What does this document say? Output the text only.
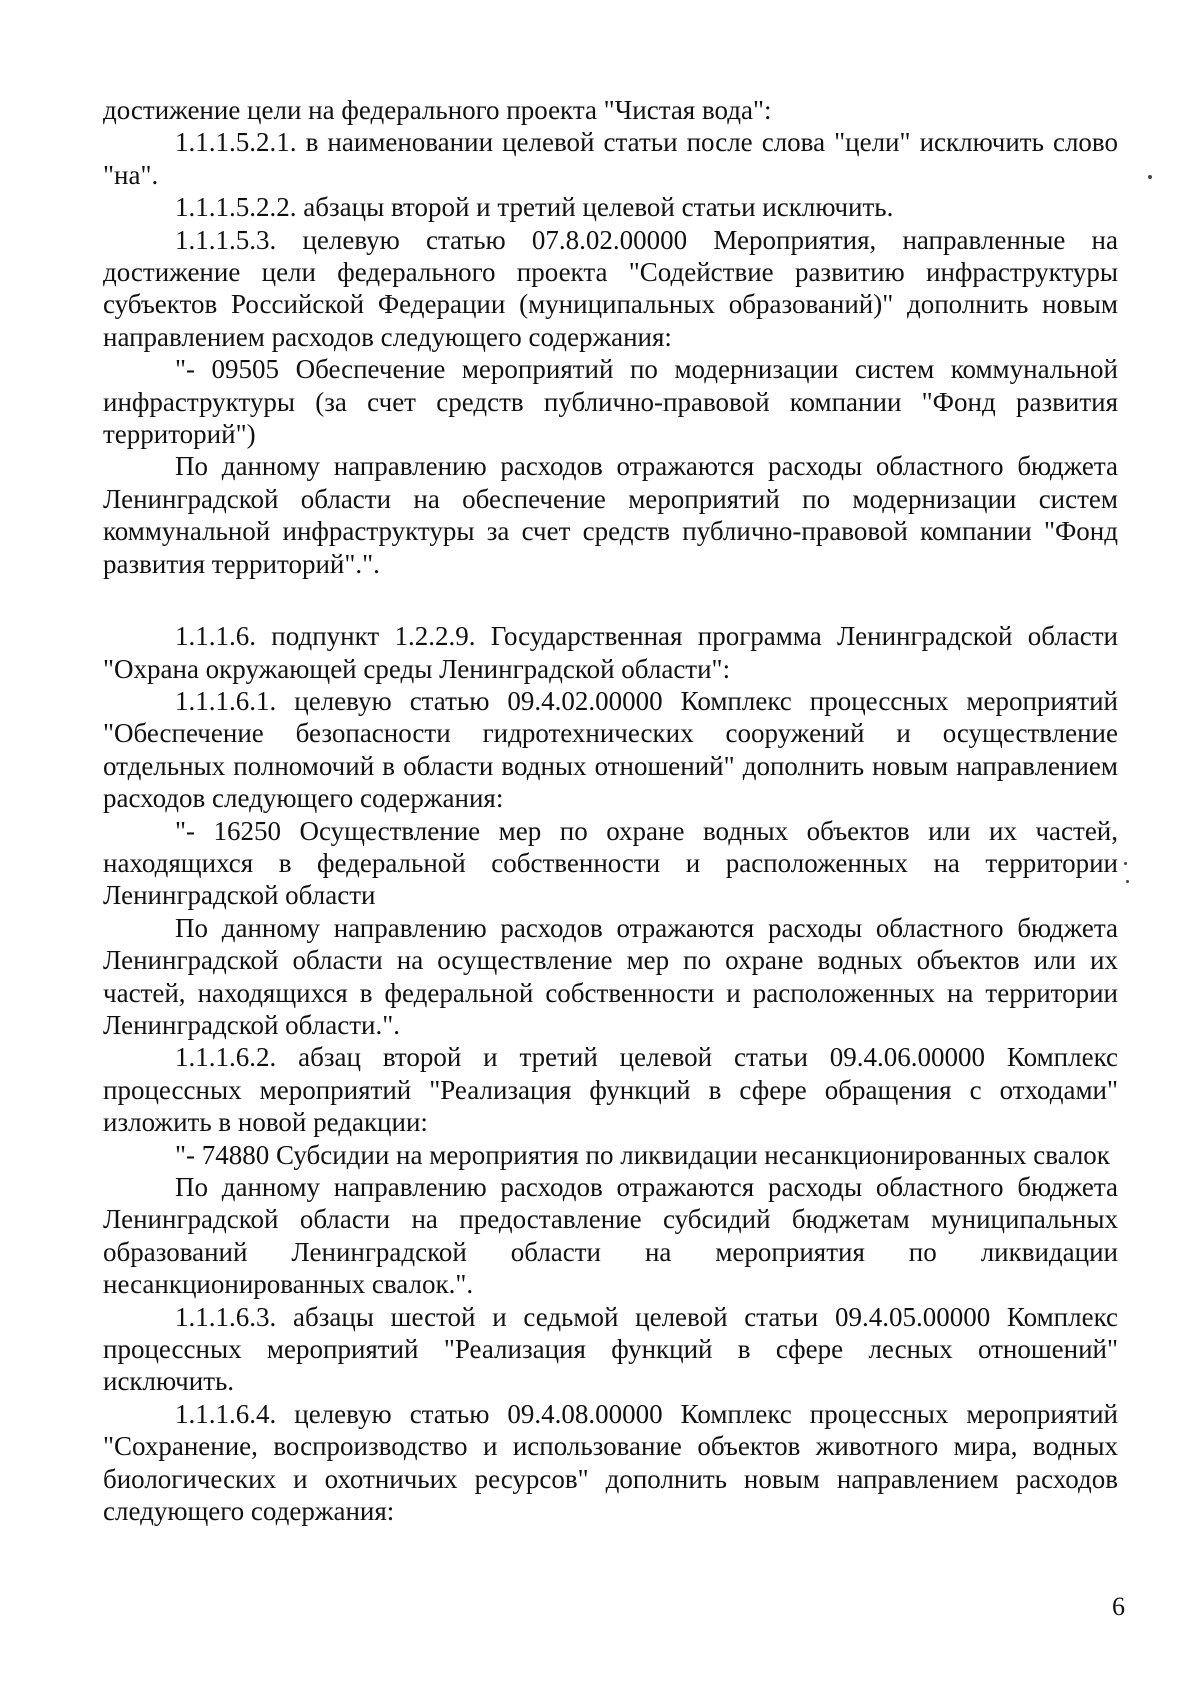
достижение цели на федерального проекта "Чистая вода":

1.1.1.5.2.1. в наименовании целевой статьи после слова "цели" исключить слово "на".

1.1.1.5.2.2. абзацы второй и третий целевой статьи исключить.

1.1.1.5.3. целевую статью 07.8.02.00000 Мероприятия, направленные на достижение цели федерального проекта "Содействие развитию инфраструктуры субъектов Российской Федерации (муниципальных образований)" дополнить новым направлением расходов следующего содержания:

"- 09505 Обеспечение мероприятий по модернизации систем коммунальной инфраструктуры (за счет средств публично-правовой компании "Фонд развития территорий")

По данному направлению расходов отражаются расходы областного бюджета Ленинградской области на обеспечение мероприятий по модернизации систем коммунальной инфраструктуры за счет средств публично-правовой компании "Фонд развития территорий".".

1.1.1.6. подпункт 1.2.2.9. Государственная программа Ленинградской области "Охрана окружающей среды Ленинградской области":

1.1.1.6.1. целевую статью 09.4.02.00000 Комплекс процессных мероприятий "Обеспечение безопасности гидротехнических сооружений и осуществление отдельных полномочий в области водных отношений" дополнить новым направлением расходов следующего содержания:

"- 16250 Осуществление мер по охране водных объектов или их частей, находящихся в федеральной собственности и расположенных на территории Ленинградской области

По данному направлению расходов отражаются расходы областного бюджета Ленинградской области на осуществление мер по охране водных объектов или их частей, находящихся в федеральной собственности и расположенных на территории Ленинградской области.".

1.1.1.6.2. абзац второй и третий целевой статьи 09.4.06.00000 Комплекс процессных мероприятий "Реализация функций в сфере обращения с отходами" изложить в новой редакции:

"- 74880 Субсидии на мероприятия по ликвидации несанкционированных свалок

По данному направлению расходов отражаются расходы областного бюджета Ленинградской области на предоставление субсидий бюджетам муниципальных образований Ленинградской области на мероприятия по ликвидации несанкционированных свалок.".

1.1.1.6.3. абзацы шестой и седьмой целевой статьи 09.4.05.00000 Комплекс процессных мероприятий "Реализация функций в сфере лесных отношений" исключить.

1.1.1.6.4. целевую статью 09.4.08.00000 Комплекс процессных мероприятий "Сохранение, воспроизводство и использование объектов животного мира, водных биологических и охотничьих ресурсов" дополнить новым направлением расходов следующего содержания:

6
